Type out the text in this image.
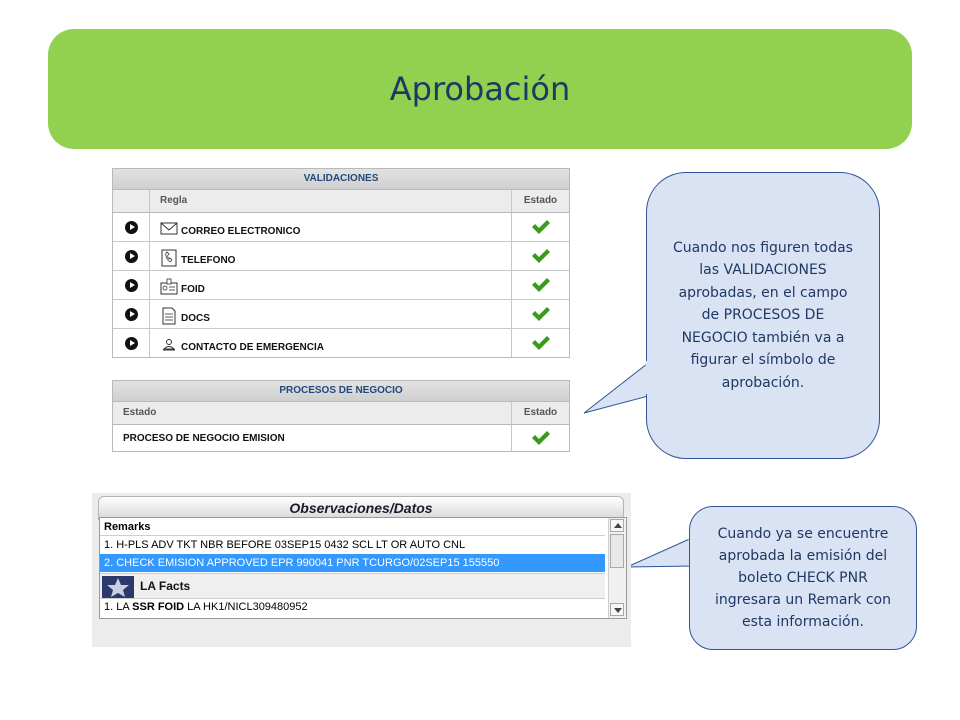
Aprobación
VALIDACIONES
Regla	Estado
CORREO ELECTRONICO
TELEFONO
FOID
DOCS
CONTACTO DE EMERGENCIA
PROCESOS DE NEGOCIO
Estado	Estado
PROCESO DE NEGOCIO EMISION
Cuando nos figuren todas las VALIDACIONES aprobadas, en el campo de PROCESOS DE NEGOCIO también va a figurar el símbolo de aprobación.
Cuando ya se encuentre aprobada la emisión del boleto CHECK PNR ingresara un Remark con esta información.
Observaciones/Datos
Remarks
1. H-PLS ADV TKT NBR BEFORE 03SEP15 0432 SCL LT OR AUTO CNL
2. CHECK EMISION APPROVED EPR 990041 PNR TCURGO/02SEP15 155550
LA Facts
1. LA SSR FOID LA HK1/NICL309480952
